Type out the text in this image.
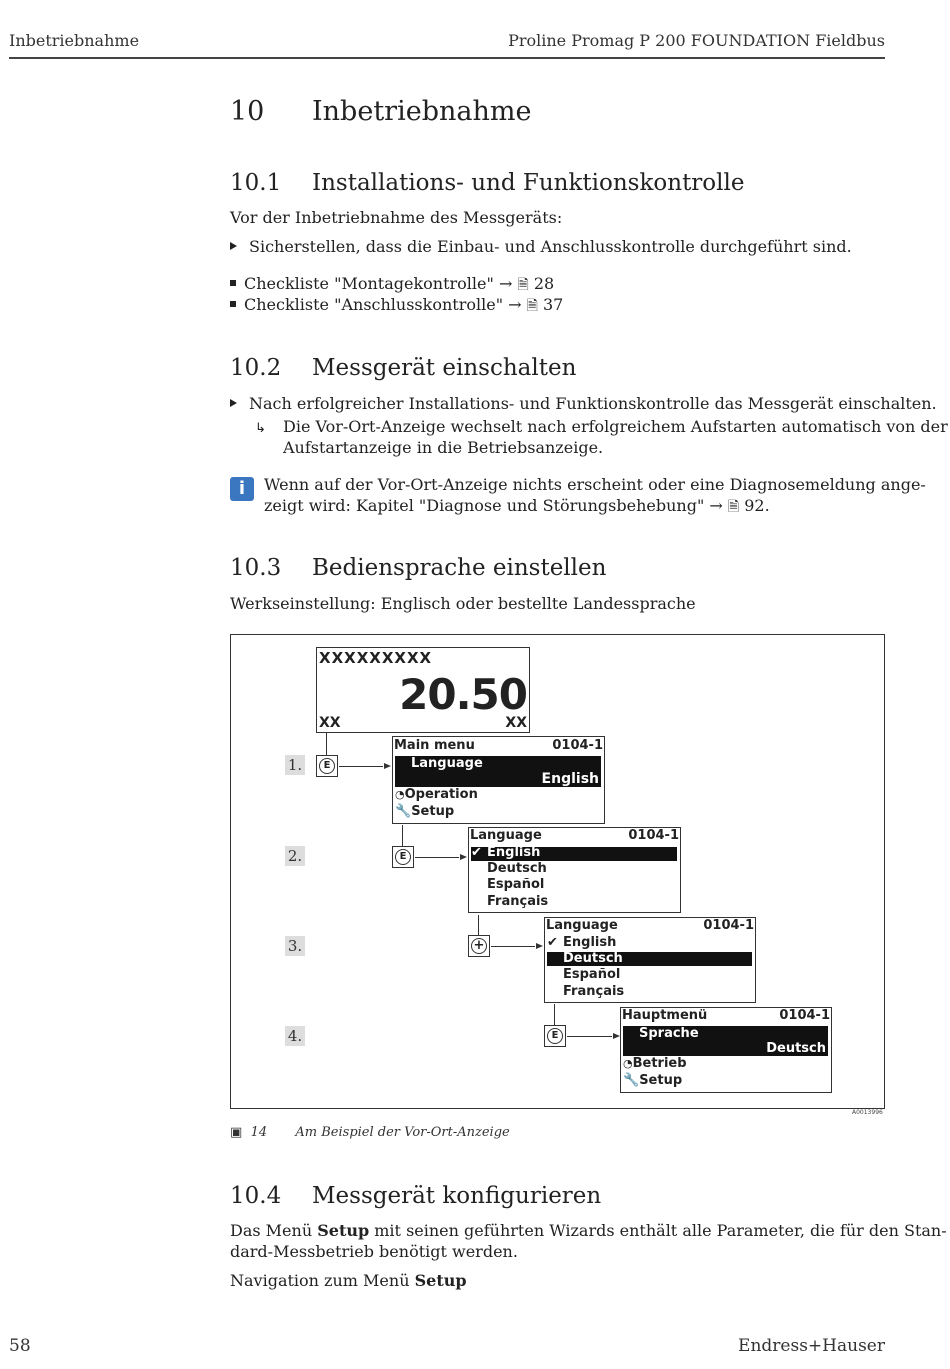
Inbetriebnahme	Proline Promag P 200 FOUNDATION Fieldbus
10 Inbetriebnahme
10.1 Installations- und Funktionskontrolle

Vor der Inbetriebnahme des Messgeräts:

Sicherstellen, dass die Einbau- und Anschlusskontrolle durchgeführt sind.

Checkliste "Montagekontrolle" → 🗎 28

Checkliste "Anschlusskontrolle" → 🗎 37

10.2 Messgerät einschalten

Nach erfolgreicher Installations- und Funktionskontrolle das Messgerät einschalten.

↳ Die Vor-Ort-Anzeige wechselt nach erfolgreichem Aufstarten automatisch von der

Aufstartanzeige in die Betriebsanzeige.

i	Wenn auf der Vor-Ort-Anzeige nichts erscheint oder eine Diagnosemeldung ange-

zeigt wird: Kapitel "Diagnose und Störungsbehebung" → 🗎 92.

10.3 Bediensprache einstellen

Werkseinstellung: Englisch oder bestellte Landessprache

XXXXXXXXX
20.50
XX	XX
1.
2.
3.
4.
E
E
+
E
Main menu	0104-1
Language
English
◔Operation
🔧Setup
Language	0104-1
✔ English
Deutsch
Español
Français
Language	0104-1
✔ English
Deutsch
Español
Français
Hauptmenü	0104-1
Sprache
Deutsch
◔Betrieb
🔧Setup
A0013996
▣ 14 Am Beispiel der Vor-Ort-Anzeige
10.4 Messgerät konfigurieren

Das Menü Setup mit seinen geführten Wizards enthält alle Parameter, die für den Stan-

dard-Messbetrieb benötigt werden.

Navigation zum Menü Setup

58	Endress+Hauser
